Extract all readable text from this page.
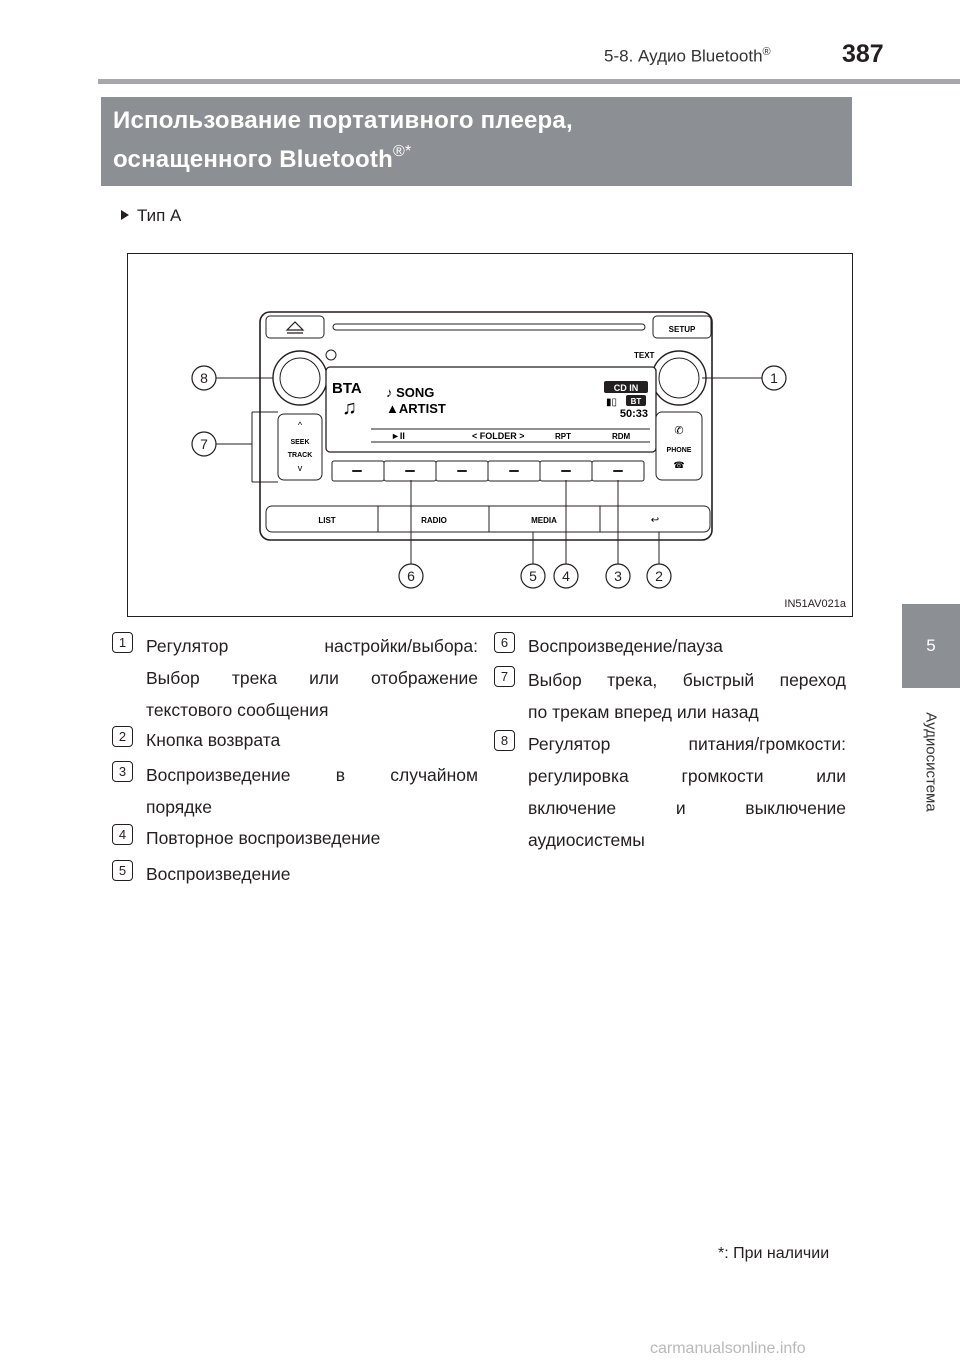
5-8. Аудио Bluetooth®	387
5
Аудиосистема
Использование портативного плеера,
оснащенного Bluetooth®*
Тип A
SETUP
TEXT
BTA
♫
♪ SONG
▲ARTIST
CD IN
▮▯ BT
50:33
►II	< FOLDER >	RPT	RDM
^
SEEK
TRACK
v
✆
PHONE
☎
LIST	RADIO	MEDIA	↩
8	1
7
6	5 4	3 2
IN51AV021a
1	Регулятор настройки/выбора:
Выбор трека или отображение
текстового сообщения
2	Кнопка возврата
3	Воспроизведение в случайном
порядке
4	Повторное воспроизведение
5	Воспроизведение
6	Воспроизведение/пауза
7	Выбор трека, быстрый переход
по трекам вперед или назад
8	Регулятор питания/громкости:
регулировка громкости или
включение и выключение
аудиосистемы
*: При наличии
carmanualsonline.info
